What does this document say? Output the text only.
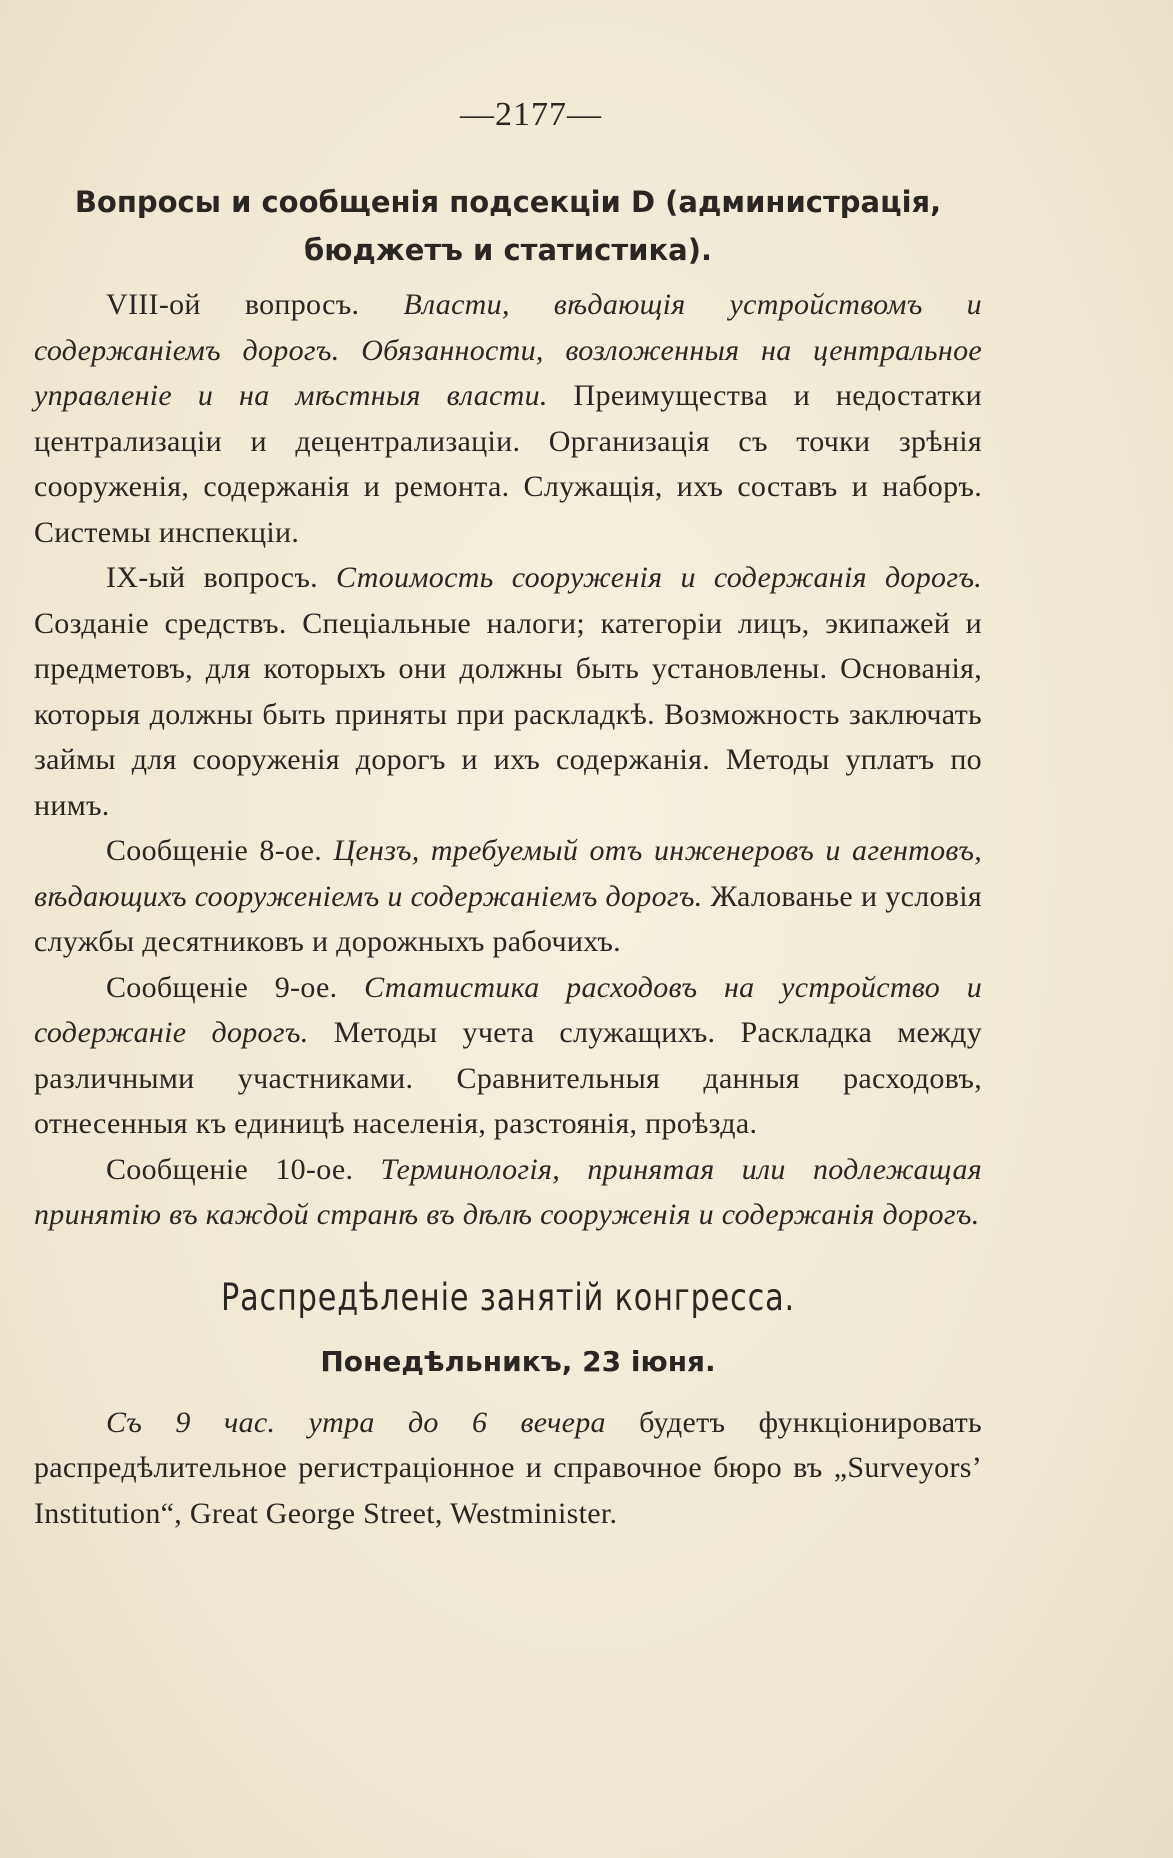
—2177—
Вопросы и сообщенія подсекціи D (администрація,
бюджетъ и статистика).

VIII-ой вопросъ. Власти, вѣдающія устройствомъ и содержаніемъ дорогъ. Обязанности, возложенныя на центральное управленіе и на мѣстныя власти. Преимущества и недостатки централизаціи и децентрализаціи. Организація съ точки зрѣнія сооруженія, содержанія и ремонта. Служащія, ихъ составъ и наборъ. Системы инспекціи.

IX-ый вопросъ. Стоимость сооруженія и содержанія дорогъ. Созданіе средствъ. Спеціальные налоги; категоріи лицъ, экипажей и предметовъ, для которыхъ они должны быть установлены. Основанія, которыя должны быть приняты при раскладкѣ. Возможность заключать займы для сооруженія дорогъ и ихъ содержанія. Методы уплатъ по нимъ.

Сообщеніе 8-ое. Цензъ, требуемый отъ инженеровъ и агентовъ, вѣдающихъ сооруженіемъ и содержаніемъ дорогъ. Жалованье и условія службы десятниковъ и дорожныхъ рабочихъ.

Сообщеніе 9-ое. Статистика расходовъ на устройство и содержаніе дорогъ. Методы учета служащихъ. Раскладка между различными участниками. Сравнительныя данныя расходовъ, отнесенныя къ единицѣ населенія, разстоянія, проѣзда.

Сообщеніе 10-ое. Терминологія, принятая или подлежащая принятію въ каждой странѣ въ дѣлѣ сооруженія и содержанія дорогъ.

Распредѣленіе занятій конгресса.
Понедѣльникъ, 23 іюня.

Съ 9 час. утра до 6 вечера будетъ функціонировать распредѣлительное регистраціонное и справочное бюро въ „Surveyors’ Institution“, Great George Street, Westminister.
